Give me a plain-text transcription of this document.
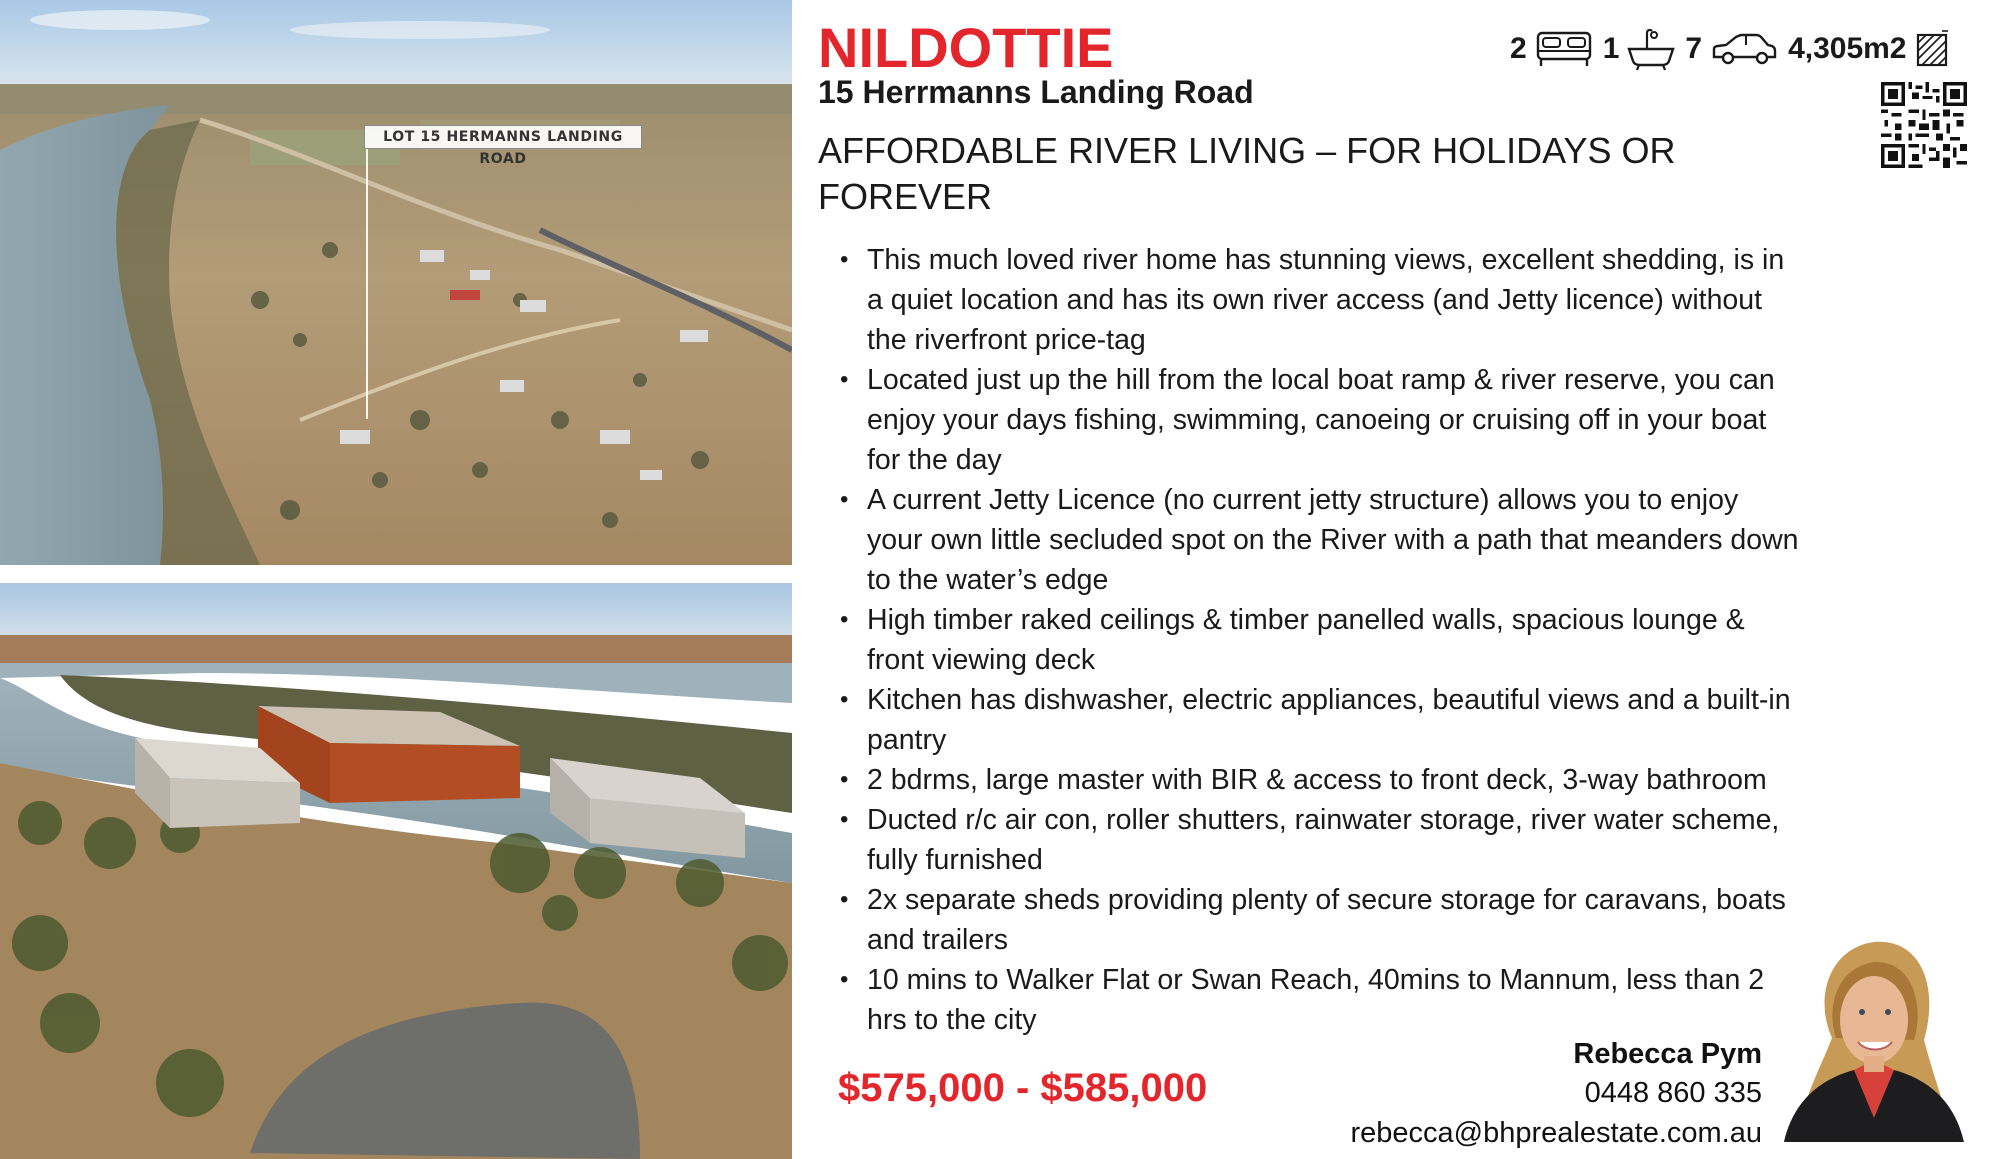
LOT 15 HERMANNS LANDING ROAD
NILDOTTIE
15 Herrmanns Landing Road
AFFORDABLE RIVER LIVING – FOR HOLIDAYS OR FOREVER
2	1 7	4,305m2
• This much loved river home has stunning views, excellent shedding, is in a quiet location and has its own river access (and Jetty licence) without the riverfront price-tag
• Located just up the hill from the local boat ramp & river reserve, you can enjoy your days fishing, swimming, canoeing or cruising off in your boat for the day
• A current Jetty Licence (no current jetty structure) allows you to enjoy your own little secluded spot on the River with a path that meanders down to the water’s edge
• High timber raked ceilings & timber panelled walls, spacious lounge & front viewing deck
• Kitchen has dishwasher, electric appliances, beautiful views and a built-in pantry
• 2 bdrms, large master with BIR & access to front deck, 3-way bathroom
• Ducted r/c air con, roller shutters, rainwater storage, river water scheme, fully furnished
• 2x separate sheds providing plenty of secure storage for caravans, boats and trailers
• 10 mins to Walker Flat or Swan Reach, 40mins to Mannum, less than 2 hrs to the city
$575,000 - $585,000
Rebecca Pym
0448 860 335
rebecca@bhprealestate.com.au
